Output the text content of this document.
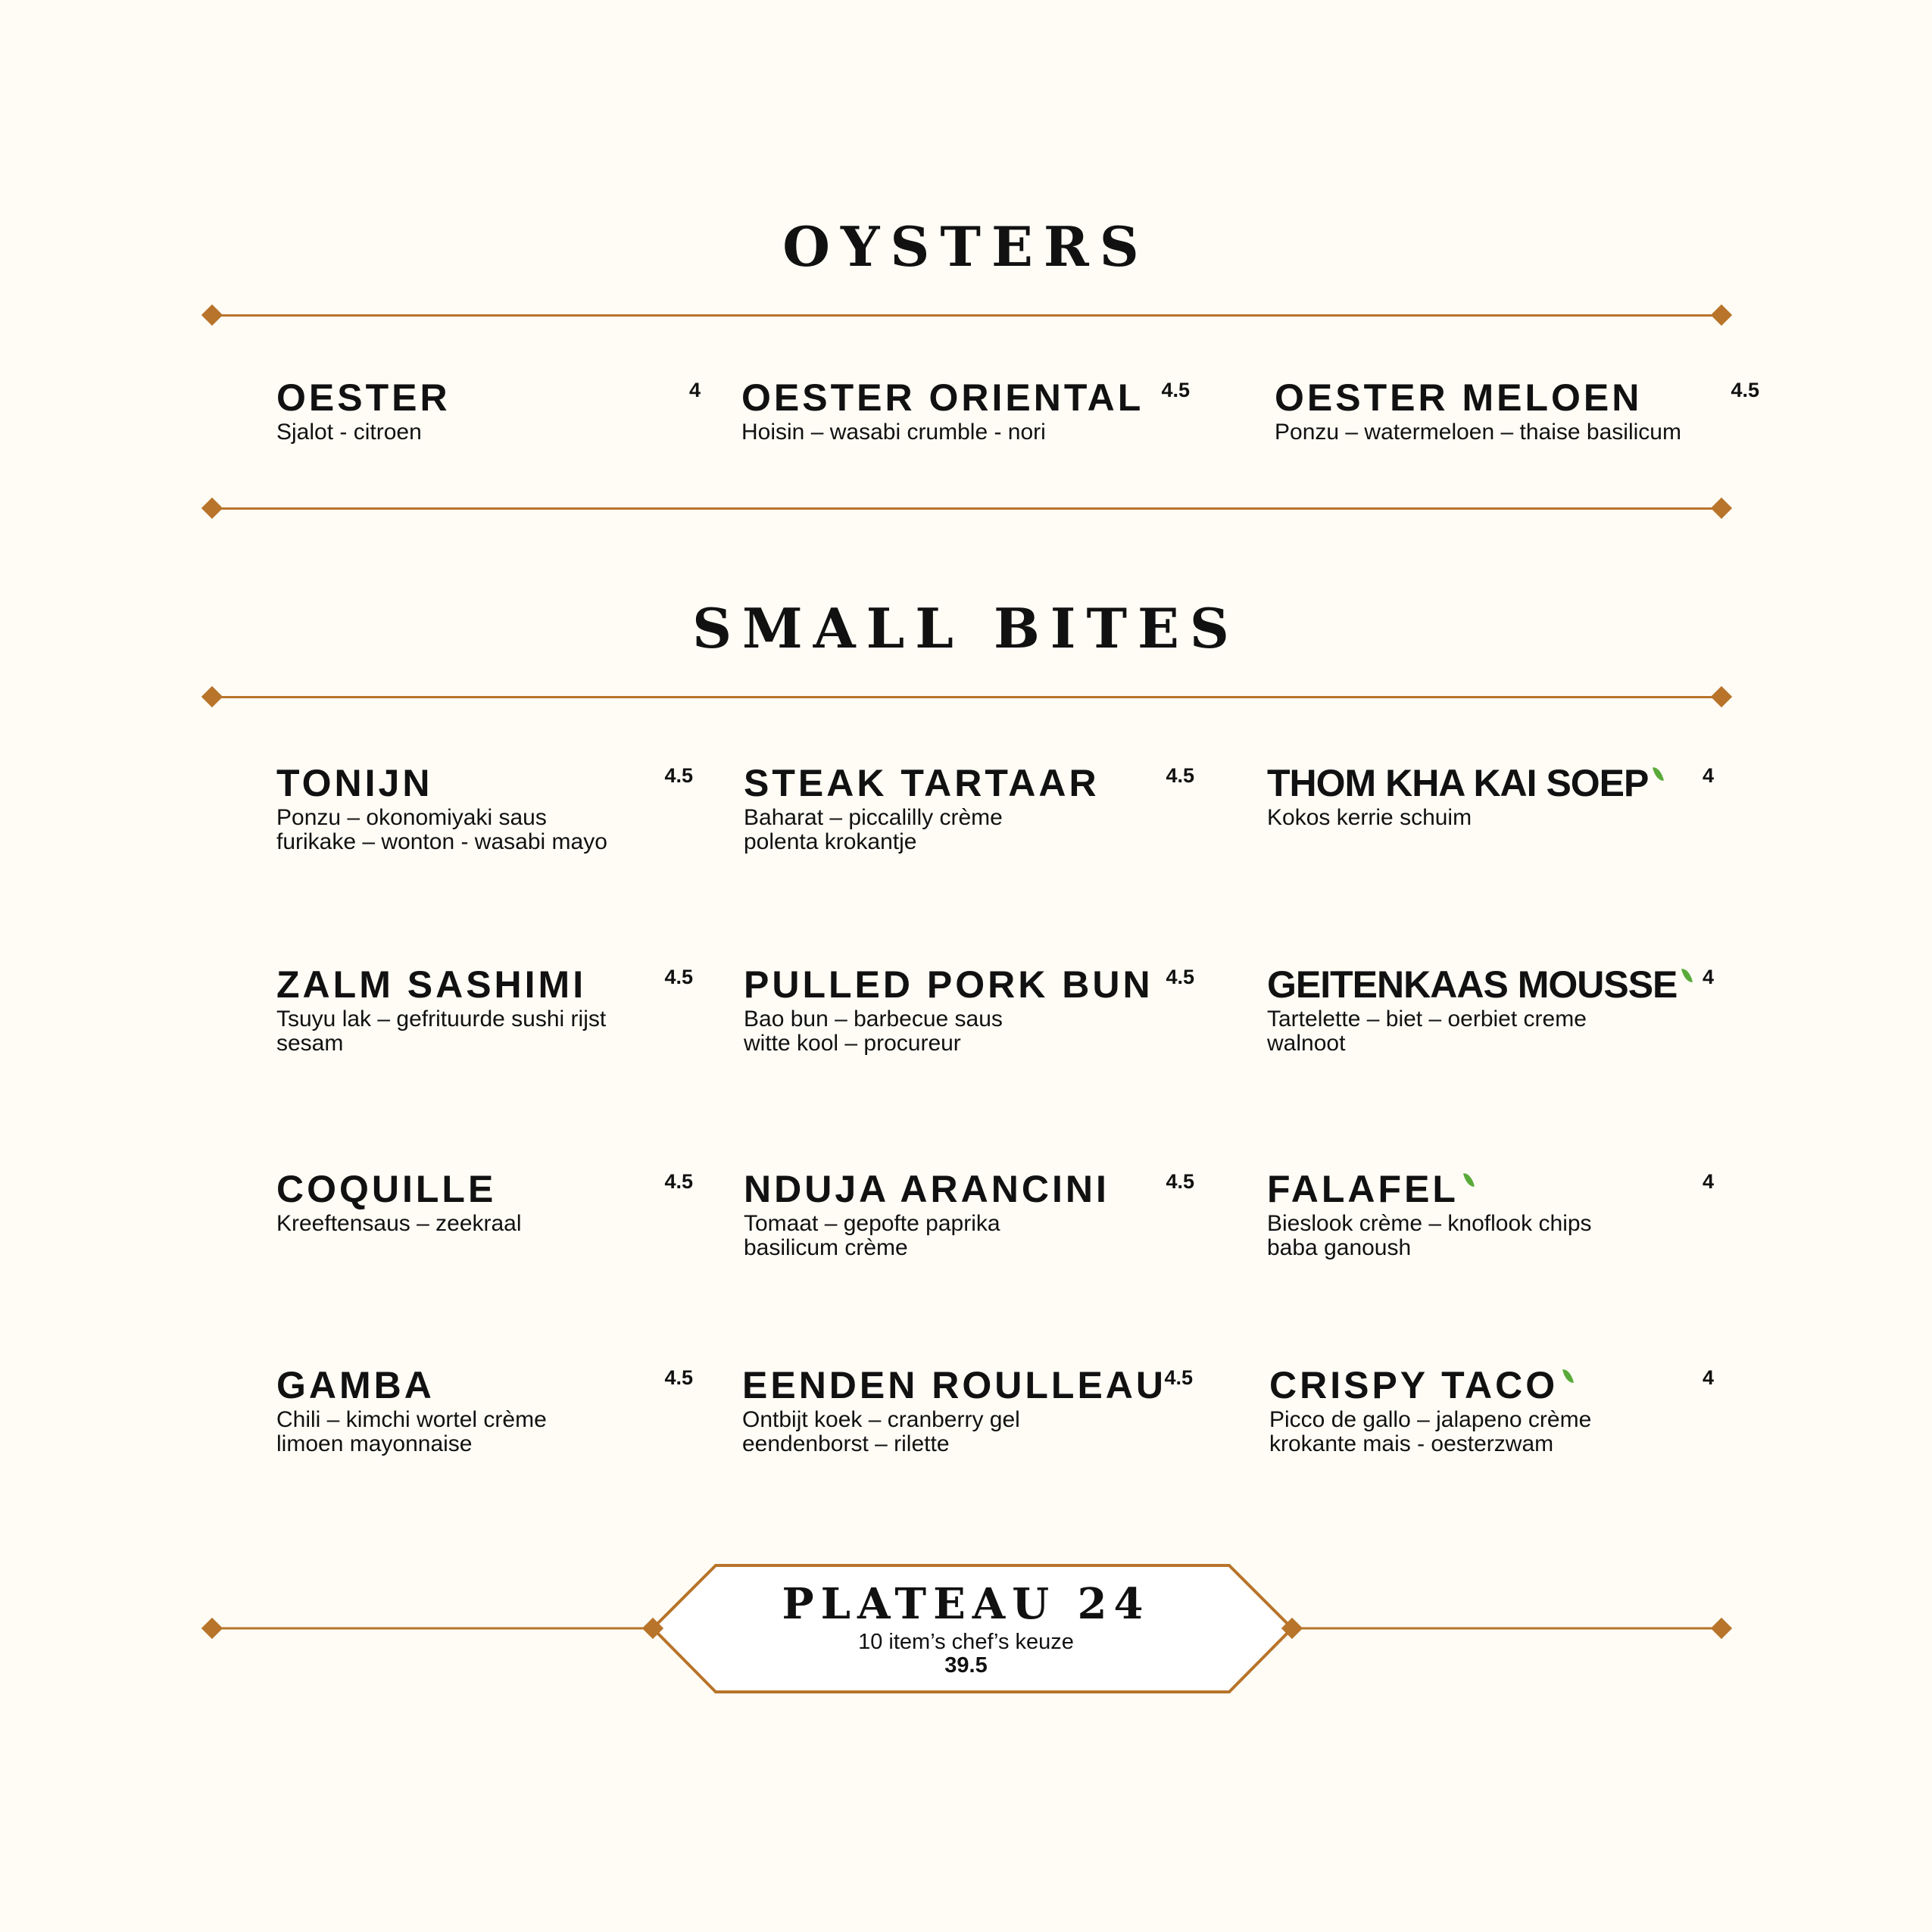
OYSTERS
OESTER	4
Sjalot - citroen
OESTER ORIENTAL 4.5
Hoisin – wasabi crumble - nori
OESTER MELOEN	4.5
Ponzu – watermeloen – thaise basilicum
SMALL BITES
TONIJN	4.5
Ponzu – okonomiyaki saus
furikake – wonton - wasabi mayo
STEAK TARTAAR	4.5
Baharat – piccalilly crème
polenta krokantje
THOM KHA KAI SOEP	4
Kokos kerrie schuim
ZALM SASHIMI	4.5
Tsuyu lak – gefrituurde sushi rijst
sesam
PULLED PORK BUN 4.5
Bao bun – barbecue saus
witte kool – procureur
GEITENKAAS MOUSSE	4
Tartelette – biet – oerbiet creme
walnoot
COQUILLE	4.5
Kreeftensaus – zeekraal
NDUJA ARANCINI	4.5
Tomaat – gepofte paprika
basilicum crème
FALAFEL	4
Bieslook crème – knoflook chips
baba ganoush
GAMBA	4.5
Chili – kimchi wortel crème
limoen mayonnaise
EENDEN ROULLEAU
4.5
Ontbijt koek – cranberry gel
eendenborst – rilette
CRISPY TACO	4
Picco de gallo – jalapeno crème
krokante mais - oesterzwam
PLATEAU 24
10 item’s chef’s keuze
39.5
